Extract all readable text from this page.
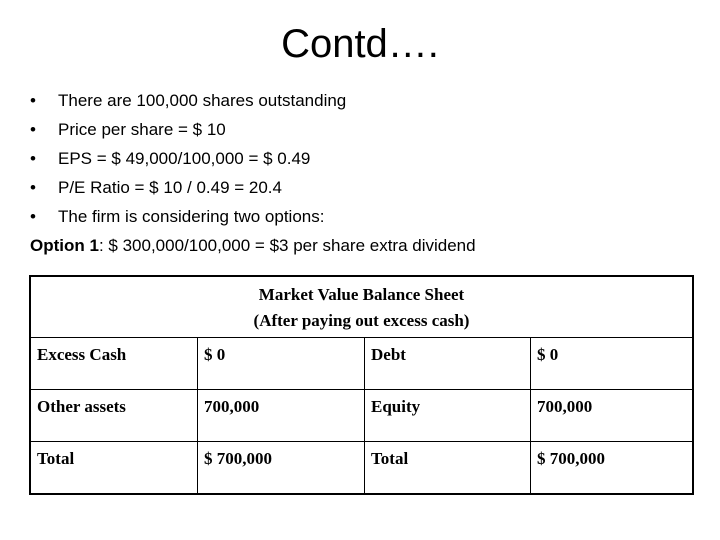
Contd….
• There are 100,000 shares outstanding
• Price per share = $ 10
• EPS = $ 49,000/100,000 = $ 0.49
• P/E Ratio = $ 10 / 0.49 = 20.4
• The firm is considering two options:
Option 1: $ 300,000/100,000 = $3 per share extra dividend
Market Value Balance Sheet
(After paying out excess cash)
Excess Cash	$ 0	Debt	$ 0
Other assets	700,000	Equity	700,000
Total	$ 700,000	Total	$ 700,000
